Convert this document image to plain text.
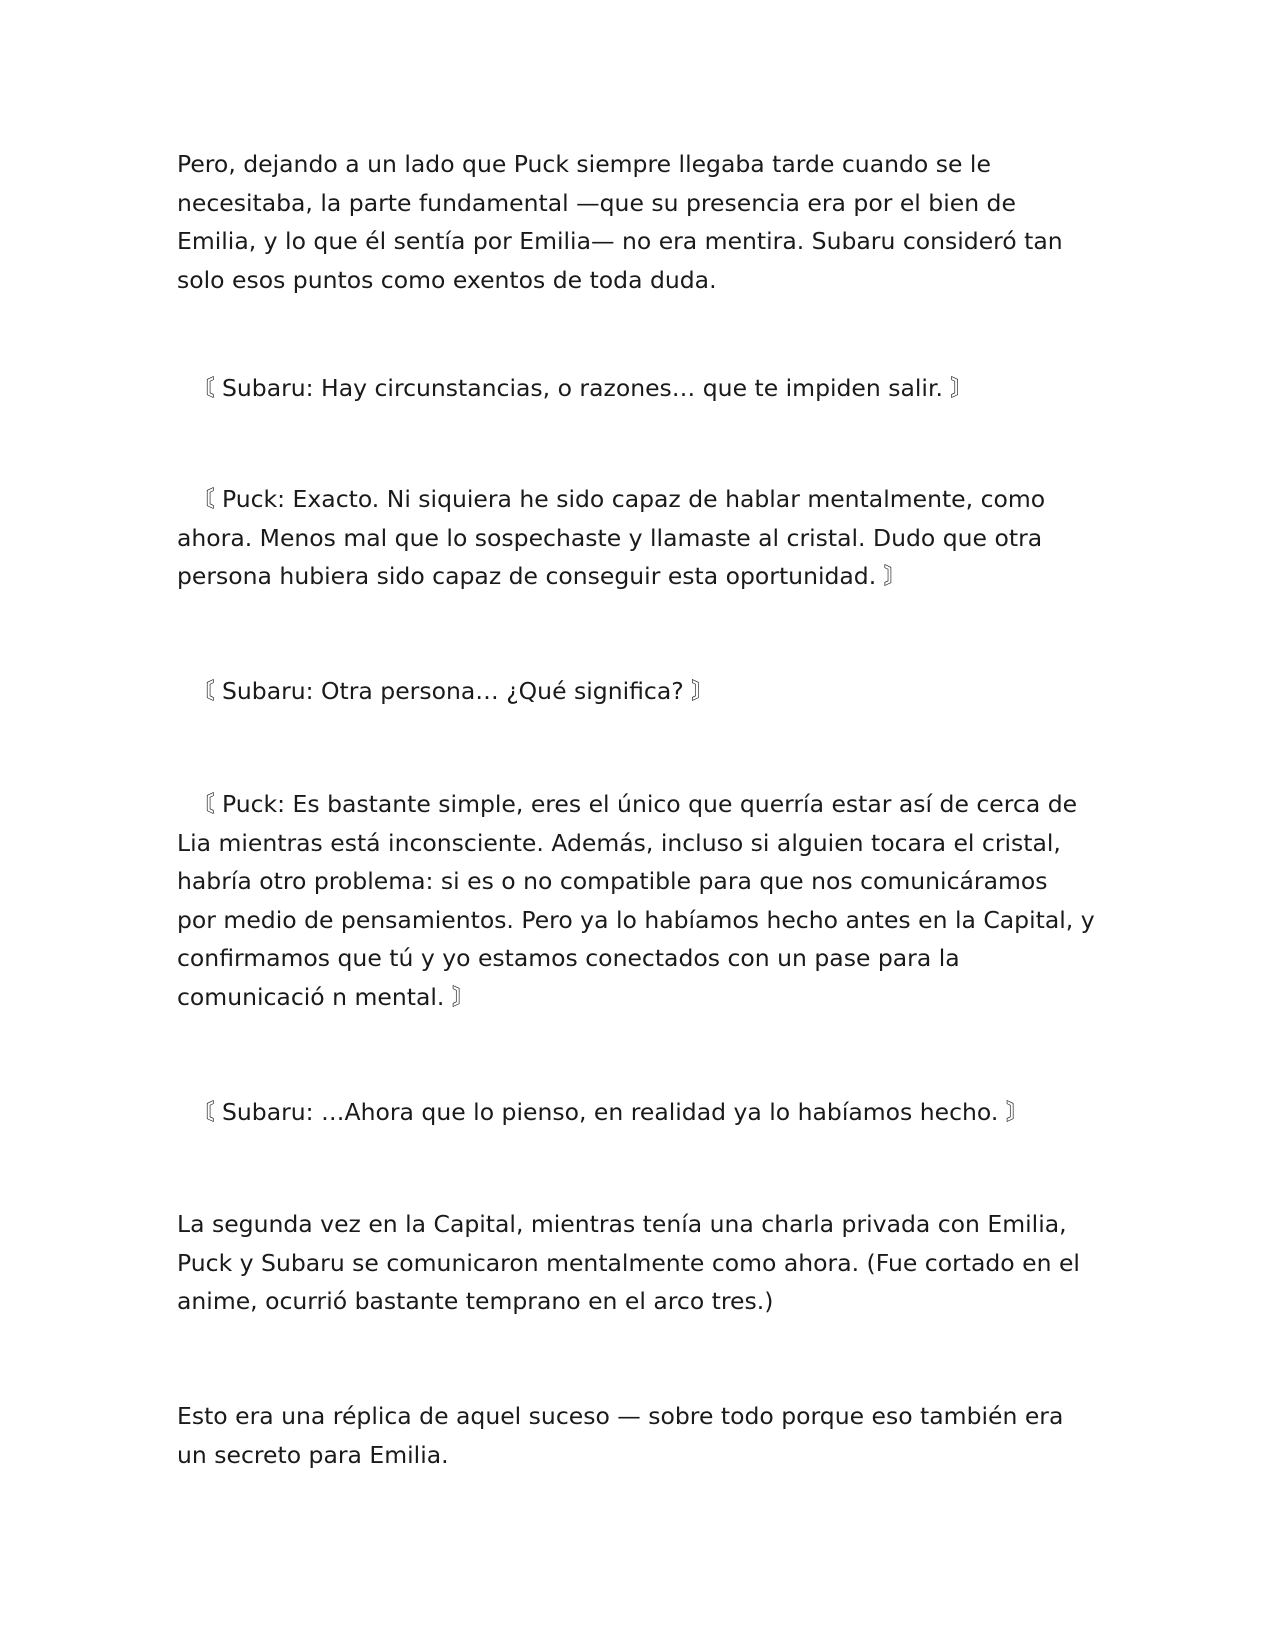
Pero, dejando a un lado que Puck siempre llegaba tarde cuando se le
necesitaba, la parte fundamental —que su presencia era por el bien de
Emilia, y lo que él sentía por Emilia— no era mentira. Subaru consideró tan
solo esos puntos como exentos de toda duda.
〘 Subaru: Hay circunstancias, o razones… que te impiden salir. 〙
〘 Puck: Exacto. Ni siquiera he sido capaz de hablar mentalmente, como
ahora. Menos mal que lo sospechaste y llamaste al cristal. Dudo que otra
persona hubiera sido capaz de conseguir esta oportunidad. 〙
〘 Subaru: Otra persona… ¿Qué significa? 〙
〘 Puck: Es bastante simple, eres el único que querría estar así de cerca de
Lia mientras está inconsciente. Además, incluso si alguien tocara el cristal,
habría otro problema: si es o no compatible para que nos comunicáramos
por medio de pensamientos. Pero ya lo habíamos hecho antes en la Capital, y
confirmamos que tú y yo estamos conectados con un pase para la
comunicació n mental. 〙
〘 Subaru: …Ahora que lo pienso, en realidad ya lo habíamos hecho. 〙
La segunda vez en la Capital, mientras tenía una charla privada con Emilia,
Puck y Subaru se comunicaron mentalmente como ahora. (Fue cortado en el
anime, ocurrió bastante temprano en el arco tres.)
Esto era una réplica de aquel suceso — sobre todo porque eso también era
un secreto para Emilia.
